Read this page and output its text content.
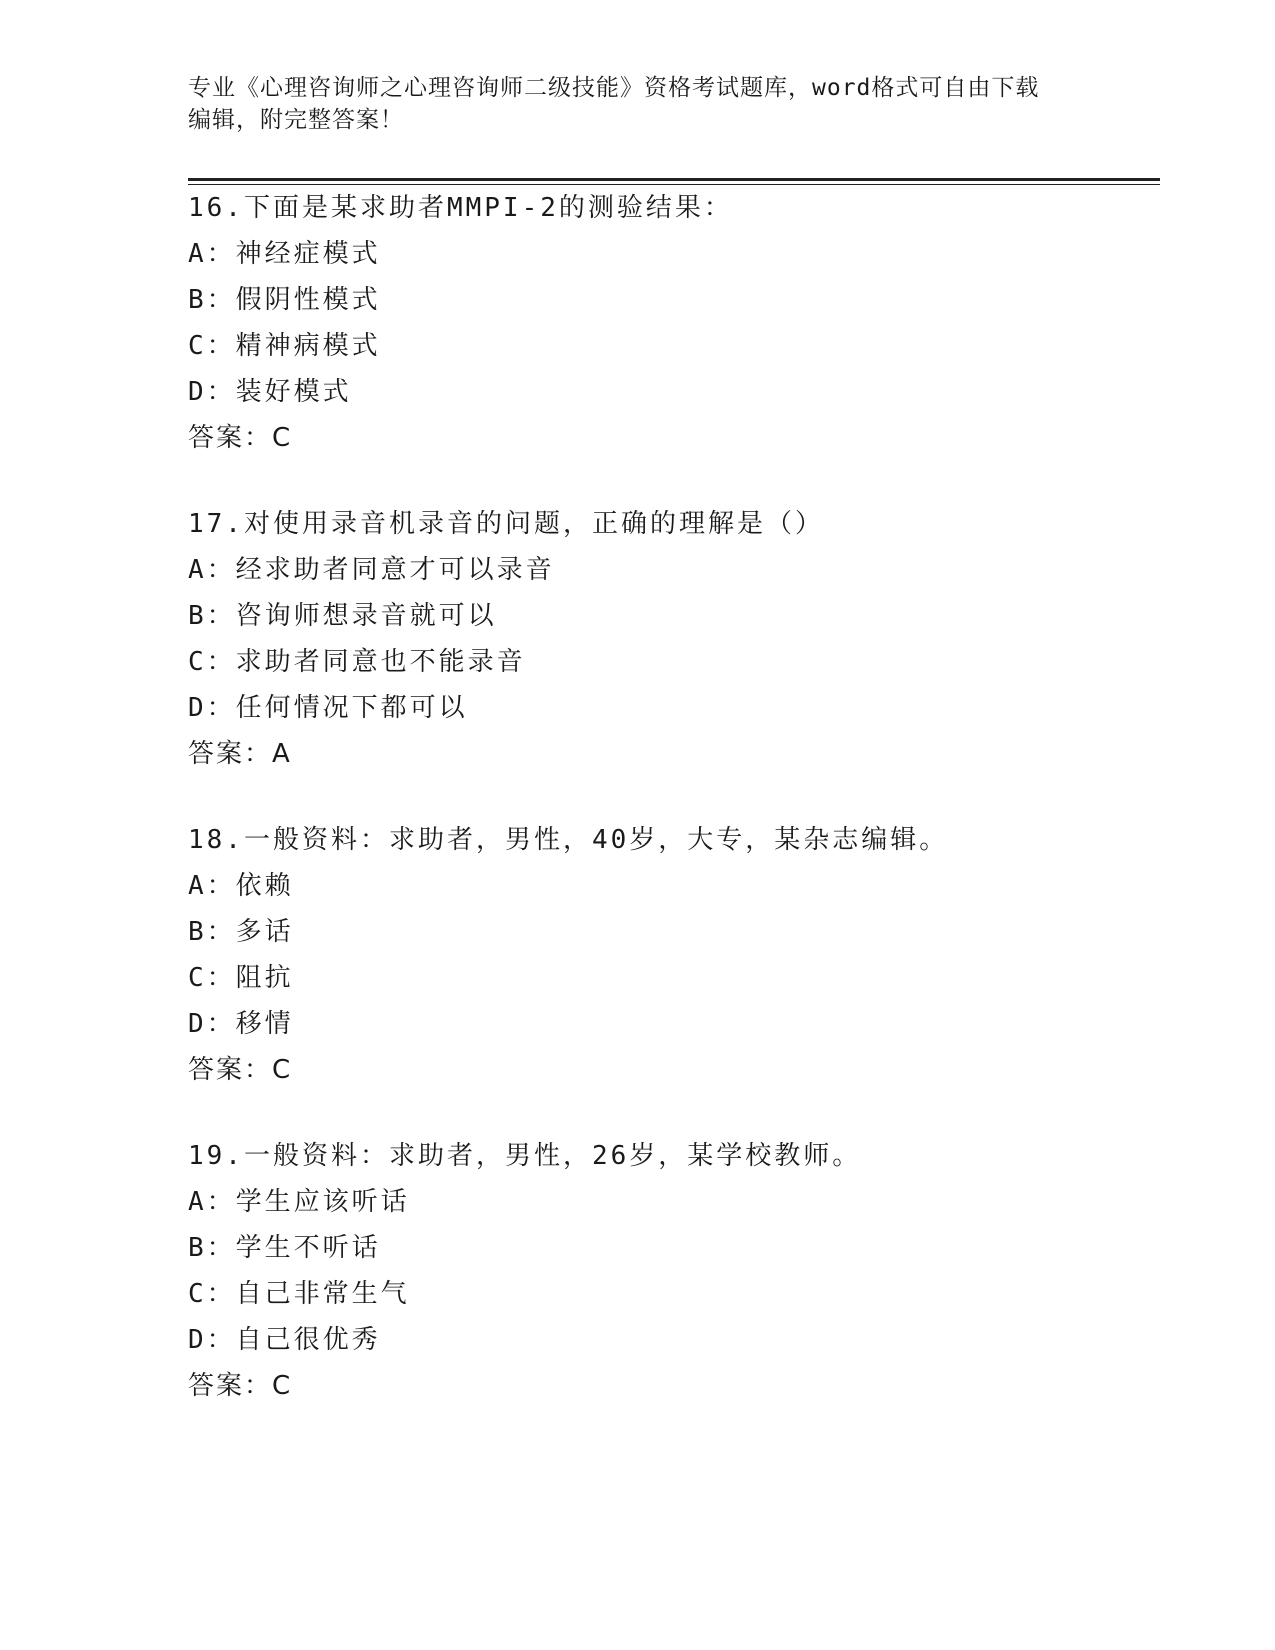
专业《心理咨询师之心理咨询师二级技能》资格考试题库，word格式可自由下载
编辑，附完整答案！
16.下面是某求助者MMPI-2的测验结果：
A：神经症模式
B：假阴性模式
C：精神病模式
D：装好模式
答案：C
17.对使用录音机录音的问题，正确的理解是（）
A：经求助者同意才可以录音
B：咨询师想录音就可以
C：求助者同意也不能录音
D：任何情况下都可以
答案：A
18.一般资料：求助者，男性，40岁，大专，某杂志编辑。
A：依赖
B：多话
C：阻抗
D：移情
答案：C
19.一般资料：求助者，男性，26岁，某学校教师。
A：学生应该听话
B：学生不听话
C：自己非常生气
D：自己很优秀
答案：C
